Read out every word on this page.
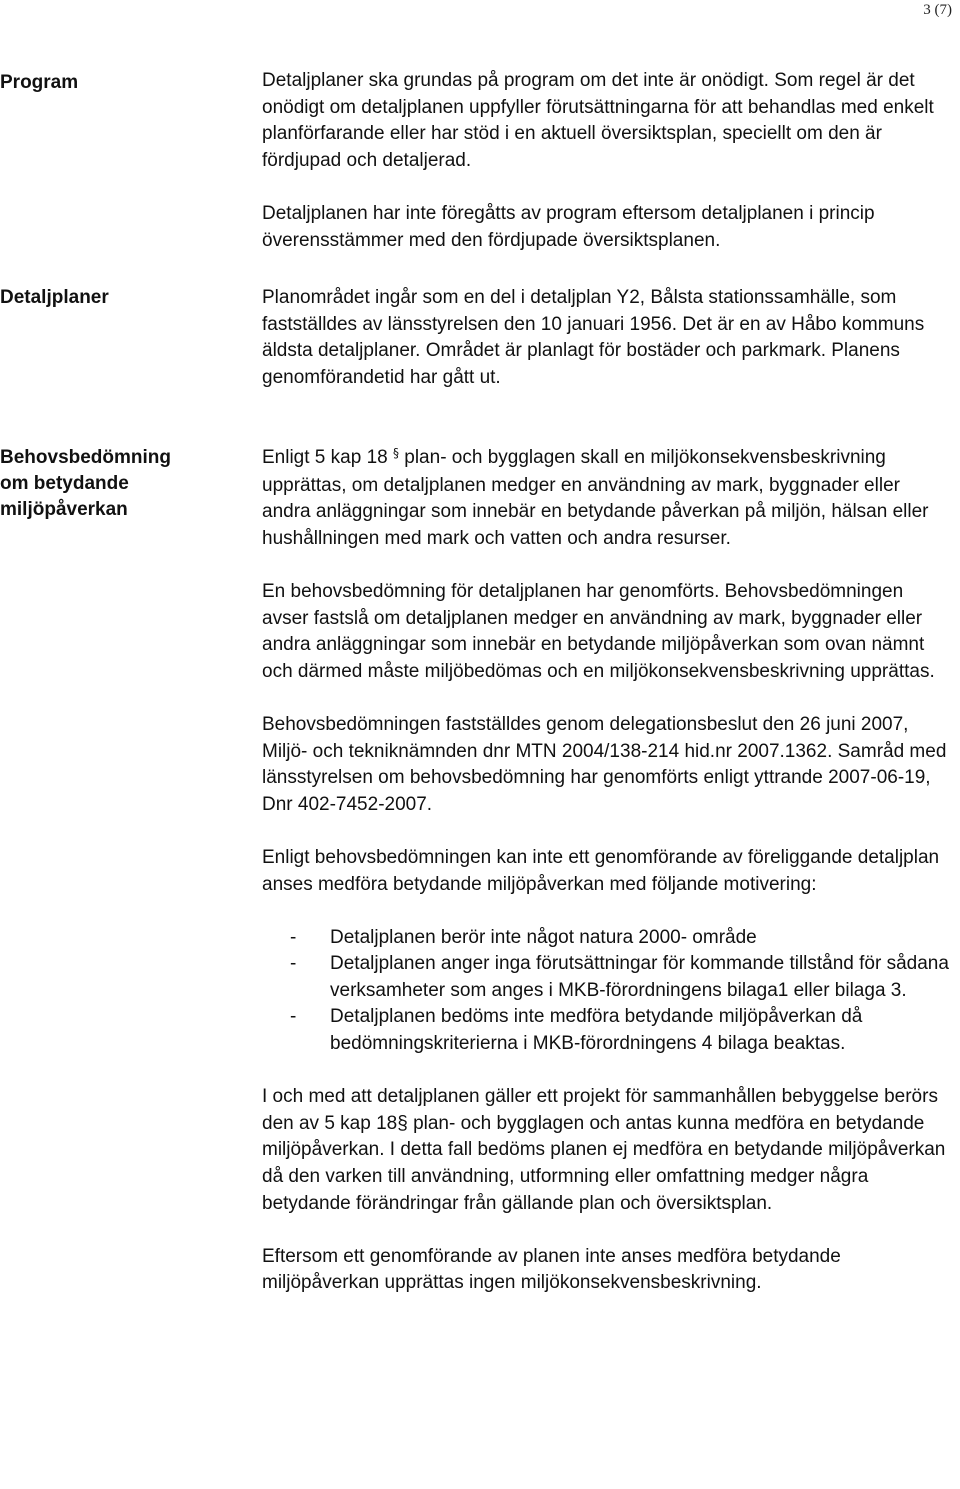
3 (7)
Program	Detaljplaner ska grundas på program om det inte är onödigt. Som regel är det onödigt om detaljplanen uppfyller förutsättningarna för att behandlas med enkelt planförfarande eller har stöd i en aktuell översiktsplan, speciellt om den är fördjupad och detaljerad.

Detaljplanen har inte föregåtts av program eftersom detaljplanen i princip överensstämmer med den fördjupade översiktsplanen.

Detaljplaner	Planområdet ingår som en del i detaljplan Y2, Bålsta stationssamhälle, som fastställdes av länsstyrelsen den 10 januari 1956. Det är en av Håbo kommuns äldsta detaljplaner. Området är planlagt för bostäder och parkmark. Planens genomförandetid har gått ut.

Behovsbedömning
om betydande
miljöpåverkan

Enligt 5 kap 18 § plan- och bygglagen skall en miljökonsekvensbeskrivning upprättas, om detaljplanen medger en användning av mark, byggnader eller andra anläggningar som innebär en betydande påverkan på miljön, hälsan eller hushållningen med mark och vatten och andra resurser.

En behovsbedömning för detaljplanen har genomförts. Behovsbedömningen avser fastslå om detaljplanen medger en användning av mark, byggnader eller andra anläggningar som innebär en betydande miljöpåverkan som ovan nämnt och därmed måste miljöbedömas och en miljökonsekvensbeskrivning upprättas.

Behovsbedömningen fastställdes genom delegationsbeslut den 26 juni 2007, Miljö- och tekniknämnden dnr MTN 2004/138-214 hid.nr 2007.1362. Samråd med länsstyrelsen om behovsbedömning har genomförts enligt yttrande 2007-06-19, Dnr 402-7452-2007.

Enligt behovsbedömningen kan inte ett genomförande av föreliggande detaljplan anses medföra betydande miljöpåverkan med följande motivering:

- Detaljplanen berör inte något natura 2000- område
- Detaljplanen anger inga förutsättningar för kommande tillstånd för sådana verksamheter som anges i MKB-förordningens bilaga1 eller bilaga 3.
- Detaljplanen bedöms inte medföra betydande miljöpåverkan då bedömningskriterierna i MKB-förordningens 4 bilaga beaktas.

I och med att detaljplanen gäller ett projekt för sammanhållen bebyggelse berörs den av 5 kap 18§ plan- och bygglagen och antas kunna medföra en betydande miljöpåverkan. I detta fall bedöms planen ej medföra en betydande miljöpåverkan då den varken till användning, utformning eller omfattning medger några betydande förändringar från gällande plan och översiktsplan.

Eftersom ett genomförande av planen inte anses medföra betydande miljöpåverkan upprättas ingen miljökonsekvensbeskrivning.
